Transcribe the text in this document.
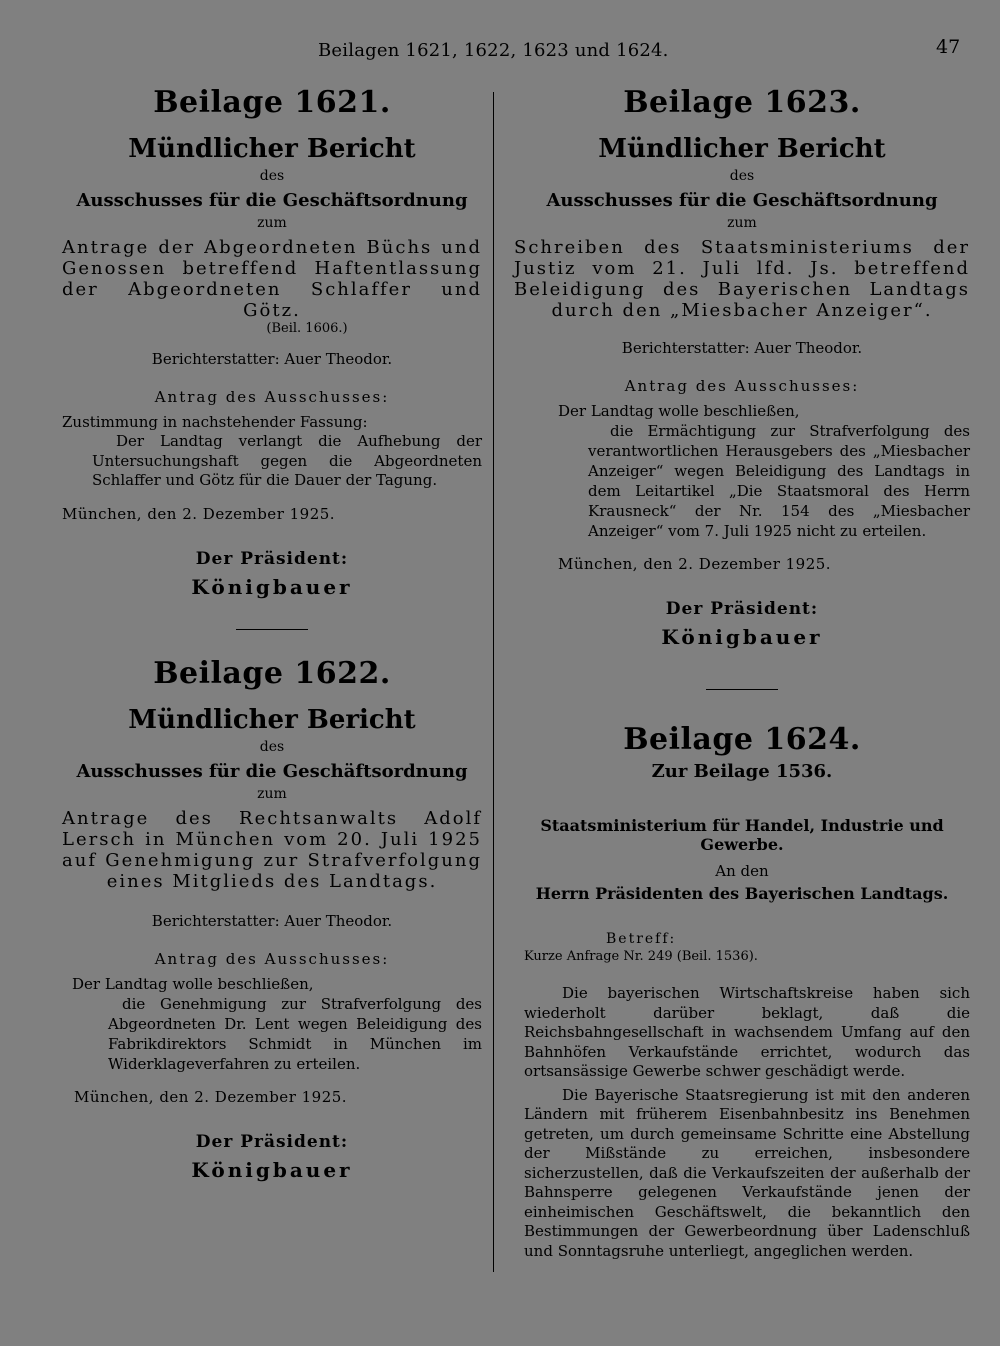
Beilagen 1621, 1622, 1623 und 1624.	47
Beilage 1621.
Mündlicher Bericht
des
Ausschusses für die Geschäftsordnung
zum
Antrage der Abgeordneten Büchs und Genossen betreffend Haftentlassung der Abgeordneten Schlaffer und Götz.
(Beil. 1606.)
Berichterstatter: Auer Theodor.
Antrag des Ausschusses:
Zustimmung in nachstehender Fassung:
Der Landtag verlangt die Aufhebung der Untersuchungshaft gegen die Abgeordneten Schlaffer und Götz für die Dauer der Tagung.
München, den 2. Dezember 1925.
Der Präsident:
Königbauer
Beilage 1622.
Mündlicher Bericht
des
Ausschusses für die Geschäftsordnung
zum
Antrage des Rechtsanwalts Adolf Lersch in München vom 20. Juli 1925 auf Genehmigung zur Strafverfolgung eines Mitglieds des Landtags.
Berichterstatter: Auer Theodor.
Antrag des Ausschusses:
Der Landtag wolle beschließen,
die Genehmigung zur Strafverfolgung des Abgeordneten Dr. Lent wegen Beleidigung des Fabrikdirektors Schmidt in München im Widerklageverfahren zu erteilen.
München, den 2. Dezember 1925.
Der Präsident:
Königbauer
Beilage 1623.
Mündlicher Bericht
des
Ausschusses für die Geschäftsordnung
zum
Schreiben des Staatsministeriums der Justiz vom 21. Juli lfd. Js. betreffend Beleidigung des Bayerischen Landtags durch den „Miesbacher Anzeiger“.
Berichterstatter: Auer Theodor.
Antrag des Ausschusses:
Der Landtag wolle beschließen,
die Ermächtigung zur Strafverfolgung des verantwortlichen Herausgebers des „Miesbacher Anzeiger“ wegen Beleidigung des Landtags in dem Leitartikel „Die Staatsmoral des Herrn Krausneck“ der Nr. 154 des „Miesbacher Anzeiger“ vom 7. Juli 1925 nicht zu erteilen.
München, den 2. Dezember 1925.
Der Präsident:
Königbauer
Beilage 1624.
Zur Beilage 1536.
Staatsministerium für Handel, Industrie und Gewerbe.
An den
Herrn Präsidenten des Bayerischen Landtags.
Betreff:
Kurze Anfrage Nr. 249 (Beil. 1536).
Die bayerischen Wirtschaftskreise haben sich wiederholt darüber beklagt, daß die Reichsbahngesellschaft in wachsendem Umfang auf den Bahnhöfen Verkaufstände errichtet, wodurch das ortsansässige Gewerbe schwer geschädigt werde.
Die Bayerische Staatsregierung ist mit den anderen Ländern mit früherem Eisenbahnbesitz ins Benehmen getreten, um durch gemeinsame Schritte eine Abstellung der Mißstände zu erreichen, insbesondere sicherzustellen, daß die Verkaufszeiten der außerhalb der Bahnsperre gelegenen Verkaufstände jenen der einheimischen Geschäftswelt, die bekanntlich den Bestimmungen der Gewerbeordnung über Ladenschluß und Sonntagsruhe unterliegt, angeglichen werden.
